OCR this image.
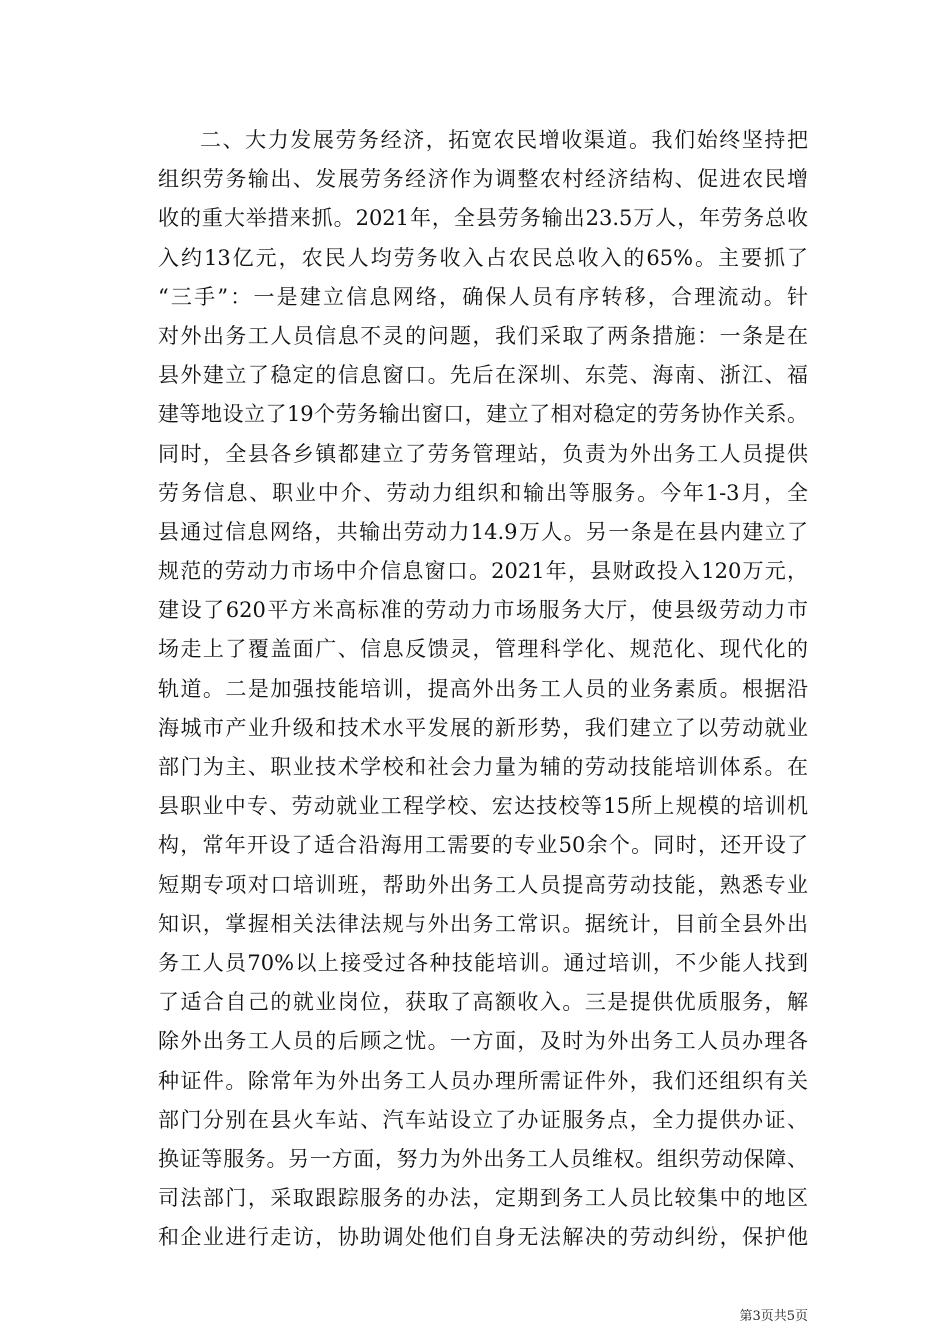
二、大力发展劳务经济，拓宽农民增收渠道。我们始终坚持把
组织劳务输出、发展劳务经济作为调整农村经济结构、促进农民增
收的重大举措来抓。2021年，全县劳务输出23.5万人，年劳务总收
入约13亿元，农民人均劳务收入占农民总收入的65%。主要抓了
“三手”：一是建立信息网络，确保人员有序转移，合理流动。针
对外出务工人员信息不灵的问题，我们采取了两条措施：一条是在
县外建立了稳定的信息窗口。先后在深圳、东莞、海南、浙江、福
建等地设立了19个劳务输出窗口，建立了相对稳定的劳务协作关系。
同时，全县各乡镇都建立了劳务管理站，负责为外出务工人员提供
劳务信息、职业中介、劳动力组织和输出等服务。今年1-3月，全
县通过信息网络，共输出劳动力14.9万人。另一条是在县内建立了
规范的劳动力市场中介信息窗口。2021年，县财政投入120万元，
建设了620平方米高标准的劳动力市场服务大厅，使县级劳动力市
场走上了覆盖面广、信息反馈灵，管理科学化、规范化、现代化的
轨道。二是加强技能培训，提高外出务工人员的业务素质。根据沿
海城市产业升级和技术水平发展的新形势，我们建立了以劳动就业
部门为主、职业技术学校和社会力量为辅的劳动技能培训体系。在
县职业中专、劳动就业工程学校、宏达技校等15所上规模的培训机
构，常年开设了适合沿海用工需要的专业50余个。同时，还开设了
短期专项对口培训班，帮助外出务工人员提高劳动技能，熟悉专业
知识，掌握相关法律法规与外出务工常识。据统计，目前全县外出
务工人员70%以上接受过各种技能培训。通过培训，不少能人找到
了适合自己的就业岗位，获取了高额收入。三是提供优质服务，解
除外出务工人员的后顾之忧。一方面，及时为外出务工人员办理各
种证件。除常年为外出务工人员办理所需证件外，我们还组织有关
部门分别在县火车站、汽车站设立了办证服务点，全力提供办证、
换证等服务。另一方面，努力为外出务工人员维权。组织劳动保障、
司法部门，采取跟踪服务的办法，定期到务工人员比较集中的地区
和企业进行走访，协助调处他们自身无法解决的劳动纠纷，保护他
第3页共5页
